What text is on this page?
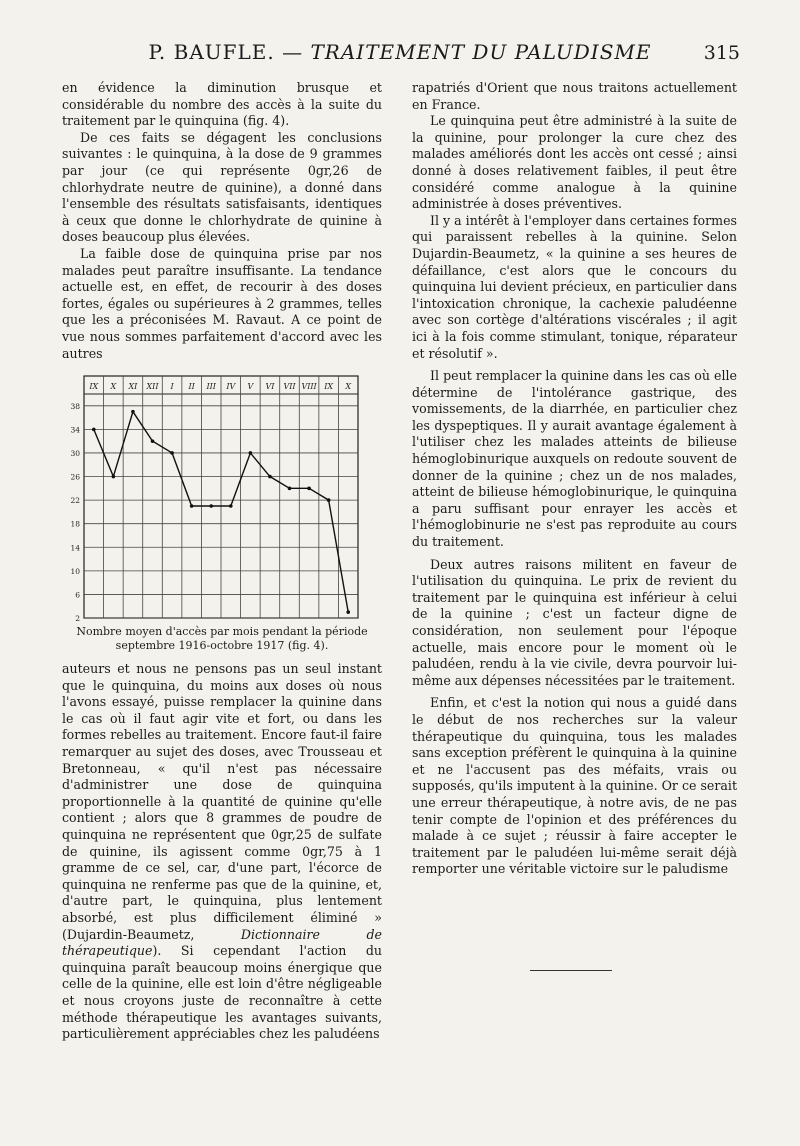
P. BAUFLE. — TRAITEMENT DU PALUDISME	315

en évidence la diminution brusque et considérable du nombre des accès à la suite du traitement par le quinquina (fig. 4).

De ces faits se dégagent les conclusions suivantes : le quinquina, à la dose de 9 grammes par jour (ce qui représente 0gr,26 de chlorhydrate neutre de quinine), a donné dans l'ensemble des résultats satisfaisants, identiques à ceux que donne le chlorhydrate de quinine à doses beaucoup plus élevées.

La faible dose de quinquina prise par nos malades peut paraître insuffisante. La tendance actuelle est, en effet, de recourir à des doses fortes, égales ou supérieures à 2 grammes, telles que les a préconisées M. Ravaut. A ce point de vue nous sommes parfaitement d'accord avec les autres

IX X XI XII I II III IV V VI VII VIII IX X
38
34
30
26
22
18
14
10
6
2
Nombre moyen d'accès par mois pendant la période septembre 1916-octobre 1917 (fig. 4).

auteurs et nous ne pensons pas un seul instant que le quinquina, du moins aux doses où nous l'avons essayé, puisse remplacer la quinine dans le cas où il faut agir vite et fort, ou dans les formes rebelles au traitement. Encore faut-il faire remarquer au sujet des doses, avec Trousseau et Bretonneau, « qu'il n'est pas nécessaire d'administrer une dose de quinquina proportionnelle à la quantité de quinine qu'elle contient ; alors que 8 grammes de poudre de quinquina ne représentent que 0gr,25 de sulfate de quinine, ils agissent comme 0gr,75 à 1 gramme de ce sel, car, d'une part, l'écorce de quinquina ne renferme pas que de la quinine, et, d'autre part, le quinquina, plus lentement absorbé, est plus difficilement éliminé » (Dujardin-Beaumetz,	Dictionnaire de thérapeutique). Si cependant l'action du quinquina paraît beaucoup moins énergique que celle de la quinine, elle est loin d'être négligeable et nous croyons juste de reconnaître à cette méthode thérapeutique les avantages suivants, particulièrement appréciables chez les paludéens

rapatriés d'Orient que nous traitons actuellement en France.

Le quinquina peut être administré à la suite de la quinine, pour prolonger la cure chez des malades améliorés dont les accès ont cessé ; ainsi donné à doses relativement faibles, il peut être considéré comme analogue à la quinine administrée à doses préventives.

Il y a intérêt à l'employer dans certaines formes qui paraissent rebelles à la quinine. Selon Dujardin-Beaumetz, « la quinine a ses heures de défaillance, c'est alors que le concours du quinquina lui devient précieux, en particulier dans l'intoxication chronique, la cachexie paludéenne avec son cortège d'altérations viscérales ; il agit ici à la fois comme stimulant, tonique, réparateur et résolutif ».

Il peut remplacer la quinine dans les cas où elle détermine de l'intolérance gastrique, des vomissements, de la diarrhée, en particulier chez les dyspeptiques. Il y aurait avantage également à l'utiliser chez les malades atteints de bilieuse hémoglobinurique auxquels on redoute souvent de donner de la quinine ; chez un de nos malades, atteint de bilieuse hémoglobinurique, le quinquina a paru suffisant pour enrayer les accès et l'hémoglobinurie ne s'est pas reproduite au cours du traitement.

Deux autres raisons militent en faveur de l'utilisation du quinquina. Le prix de revient du traitement par le quinquina est inférieur à celui de la quinine ; c'est un facteur digne de considération, non seulement pour l'époque actuelle, mais encore pour le moment où le paludéen, rendu à la vie civile, devra pourvoir lui-même aux dépenses nécessitées par le traitement.

Enfin, et c'est la notion qui nous a guidé dans le début de nos recherches sur la valeur thérapeutique du quinquina, tous les malades sans exception préfèrent le quinquina à la quinine et ne l'accusent pas des méfaits, vrais ou supposés, qu'ils imputent à la quinine. Or ce serait une erreur thérapeutique, à notre avis, de ne pas tenir compte de l'opinion et des préférences du malade à ce sujet ; réussir à faire accepter le traitement par le paludéen lui-même serait déjà remporter une véritable victoire sur le paludisme
